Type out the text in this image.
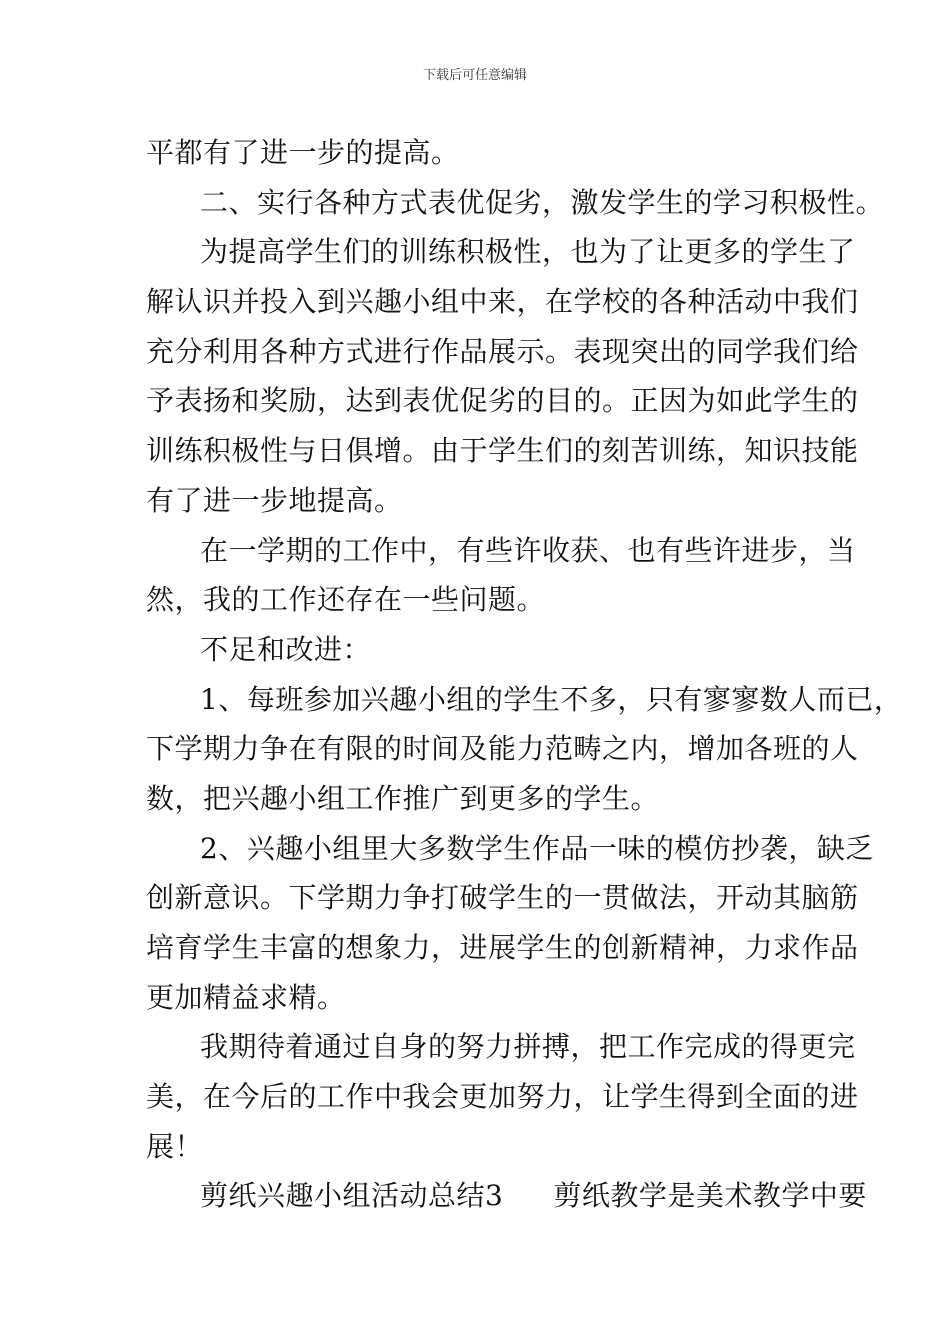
下载后可任意编辑
平都有了进一步的提高。
二、实行各种方式表优促劣，激发学生的学习积极性。
为提高学生们的训练积极性，也为了让更多的学生了
解认识并投入到兴趣小组中来，在学校的各种活动中我们
充分利用各种方式进行作品展示。表现突出的同学我们给
予表扬和奖励，达到表优促劣的目的。正因为如此学生的
训练积极性与日俱增。由于学生们的刻苦训练，知识技能
有了进一步地提高。
在一学期的工作中，有些许收获、也有些许进步，当
然，我的工作还存在一些问题。
不足和改进：
1、每班参加兴趣小组的学生不多，只有寥寥数人而已，
下学期力争在有限的时间及能力范畴之内，增加各班的人
数，把兴趣小组工作推广到更多的学生。
2、兴趣小组里大多数学生作品一味的模仿抄袭，缺乏
创新意识。下学期力争打破学生的一贯做法，开动其脑筋
培育学生丰富的想象力，进展学生的创新精神，力求作品
更加精益求精。
我期待着通过自身的努力拼搏，把工作完成的得更完
美，在今后的工作中我会更加努力，让学生得到全面的进
展！
剪纸兴趣小组活动总结3 剪纸教学是美术教学中要
